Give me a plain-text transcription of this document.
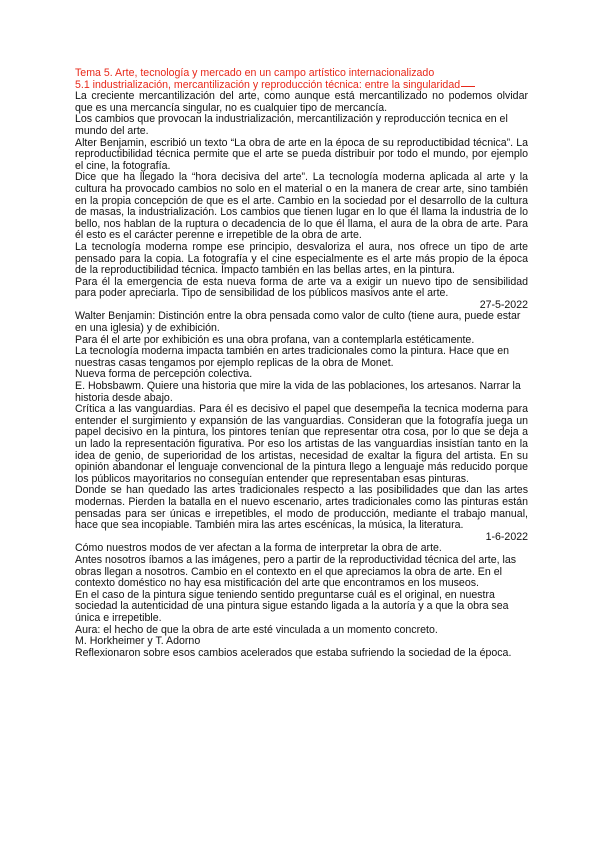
Tema 5. Arte, tecnología y mercado en un campo artístico internacionalizado
5.1 industrialización, mercantilización y reproducción técnica: entre la singularidad
La creciente mercantilización del arte, como aunque está mercantilizado no podemos olvidar que es una mercancía singular, no es cualquier tipo de mercancía.
Los cambios que provocan la industrialización, mercantilización y reproducción tecnica en el mundo del arte.
Alter Benjamin, escribió un texto “La obra de arte en la época de su reproductibidad técnica”. La reproductibilidad técnica permite que el arte se pueda distribuir por todo el mundo, por ejemplo el cine, la fotografía.
Dice que ha llegado la “hora decisiva del arte”. La tecnología moderna aplicada al arte y la cultura ha provocado cambios no solo en el material o en la manera de crear arte, sino también en la propia concepción de que es el arte. Cambio en la sociedad por el desarrollo de la cultura de masas, la industrialización. Los cambios que tienen lugar en lo que él llama la industria de lo bello, nos hablan de la ruptura o decadencia de lo que él llama, el aura de la obra de arte. Para él esto es el carácter perenne e irrepetible de la obra de arte.
La tecnología moderna rompe ese principio, desvaloriza el aura, nos ofrece un tipo de arte pensado para la copia. La fotografía y el cine especialmente es el arte más propio de la época de la reproductibilidad técnica. Impacto también en las bellas artes, en la pintura.
Para él la emergencia de esta nueva forma de arte va a exigir un nuevo tipo de sensibilidad para poder apreciarla. Tipo de sensibilidad de los públicos masivos ante el arte.
27-5-2022
Walter Benjamin: Distinción entre la obra pensada como valor de culto (tiene aura, puede estar en una iglesia) y de exhibición.
Para él el arte por exhibición es una obra profana, van a contemplarla estéticamente.
La tecnología moderna impacta también en artes tradicionales como la pintura. Hace que en nuestras casas tengamos por ejemplo replicas de la obra de Monet.
Nueva forma de percepción colectiva.
E. Hobsbawm. Quiere una historia que mire la vida de las poblaciones, los artesanos. Narrar la historia desde abajo.
Crítica a las vanguardias. Para él es decisivo el papel que desempeña la tecnica moderna para entender el surgimiento y expansión de las vanguardias. Consideran que la fotografía juega un papel decisivo en la pintura, los pintores tenían que representar otra cosa, por lo que se deja a un lado la representación figurativa. Por eso los artistas de las vanguardias insistían tanto en la idea de genio, de superioridad de los artistas, necesidad de exaltar la figura del artista. En su opinión abandonar el lenguaje convencional de la pintura llego a lenguaje más reducido porque los públicos mayoritarios no conseguían entender que representaban esas pinturas.
Donde se han quedado las artes tradicionales respecto a las posibilidades que dan las artes modernas. Pierden la batalla en el nuevo escenario, artes tradicionales como las pinturas están pensadas para ser únicas e irrepetibles, el modo de producción, mediante el trabajo manual, hace que sea incopiable. También mira las artes escénicas, la música, la literatura.
1-6-2022
Cómo nuestros modos de ver afectan a la forma de interpretar la obra de arte.
Antes nosotros íbamos a las imágenes, pero a partir de la reproductividad técnica del arte, las obras llegan a nosotros. Cambio en el contexto en el que apreciamos la obra de arte. En el contexto doméstico no hay esa mistificación del arte que encontramos en los museos.
En el caso de la pintura sigue teniendo sentido preguntarse cuál es el original, en nuestra sociedad la autenticidad de una pintura sigue estando ligada a la autoría y a que la obra sea única e irrepetible.
Aura: el hecho de que la obra de arte esté vinculada a un momento concreto.
M. Horkheimer y T. Adorno
Reflexionaron sobre esos cambios acelerados que estaba sufriendo la sociedad de la época.
